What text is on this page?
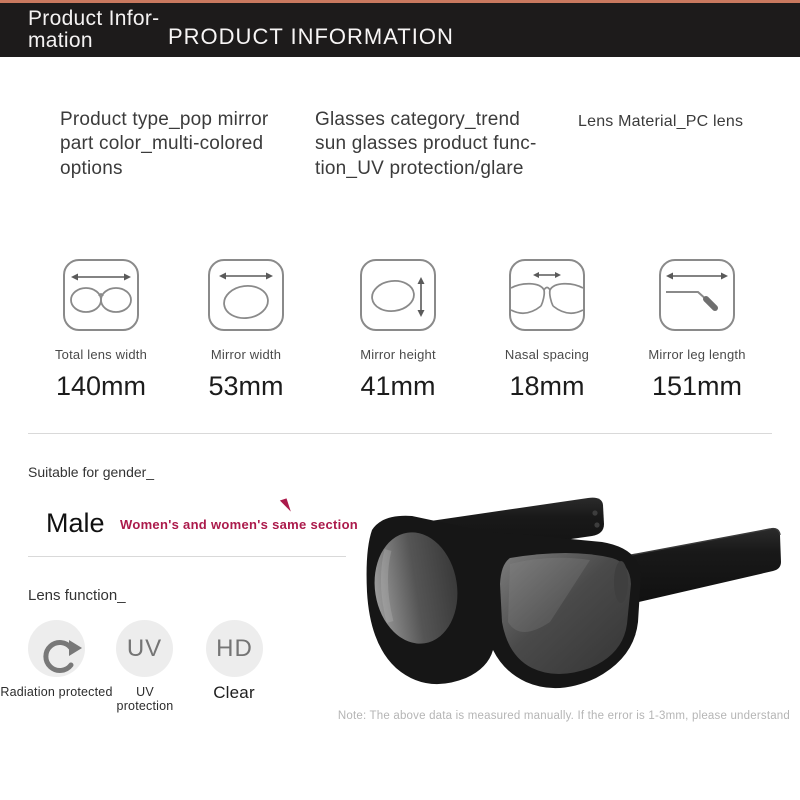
Product Infor-
mation	PRODUCT INFORMATION
Product type_pop mirror part color_multi-colored options
Glasses category_trend sun glasses product func-tion_UV protection/glare
Lens Material_PC lens
Total lens width
140mm
Mirror width
53mm
Mirror height
41mm
Nasal spacing
18mm
Mirror leg length
151mm
Suitable for gender_
Male Women's and women's same section
Lens function_
UV HD
Radiation protected	UV protection
Clear
Note: The above data is measured manually. If the error is 1-3mm, please understand
